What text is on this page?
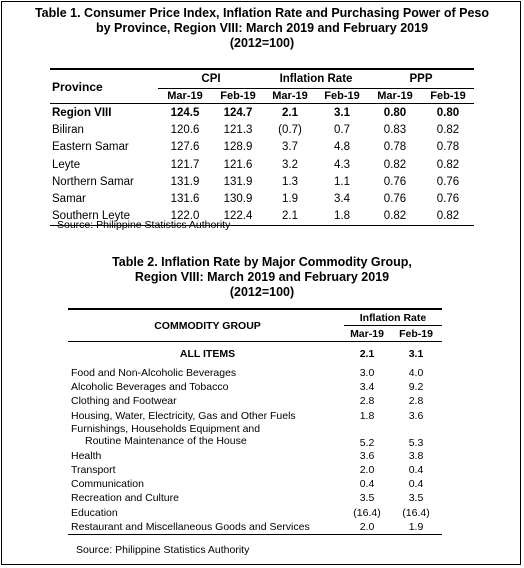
Table 1. Consumer Price Index, Inflation Rate and Purchasing Power of Peso
by Province, Region VIII: March 2019 and February 2019
(2012=100)
Province	CPI		Inflation Rate		PPP	
	Mar-19	Feb-19	Mar-19	Feb-19	Mar-19	Feb-19
Region VIII	124.5	124.7	2.1	3.1	0.80	0.80
Biliran	120.6	121.3	(0.7)	0.7	0.83	0.82
Eastern Samar	127.6	128.9	3.7	4.8	0.78	0.78
Leyte	121.7	121.6	3.2	4.3	0.82	0.82
Northern Samar	131.9	131.9	1.3	1.1	0.76	0.76
Samar	131.6	130.9	1.9	3.4	0.76	0.76
Southern Leyte	122.0	122.4	2.1	1.8	0.82	0.82
Source: Philippine Statistics Authority
Table 2. Inflation Rate by Major Commodity Group,
Region VIII: March 2019 and February 2019
(2012=100)
COMMODITY GROUP	Inflation Rate	
	Mar-19	Feb-19
ALL ITEMS	2.1	3.1

Food and Non-Alcoholic Beverages	3.0	4.0

Alcoholic Beverages and Tobacco	3.4	9.2

Clothing and Footwear	2.8	2.8

Housing, Water, Electricity, Gas and Other Fuels	1.8	3.6

Furnishings, Households Equipment and
Routine Maintenance of the House	5.2	5.3

Health	3.6	3.8

Transport	2.0	0.4

Communication	0.4	0.4

Recreation and Culture	3.5	3.5

Education	(16.4)	(16.4)

Restaurant and Miscellaneous Goods and Services	2.0	1.9
Source: Philippine Statistics Authority
